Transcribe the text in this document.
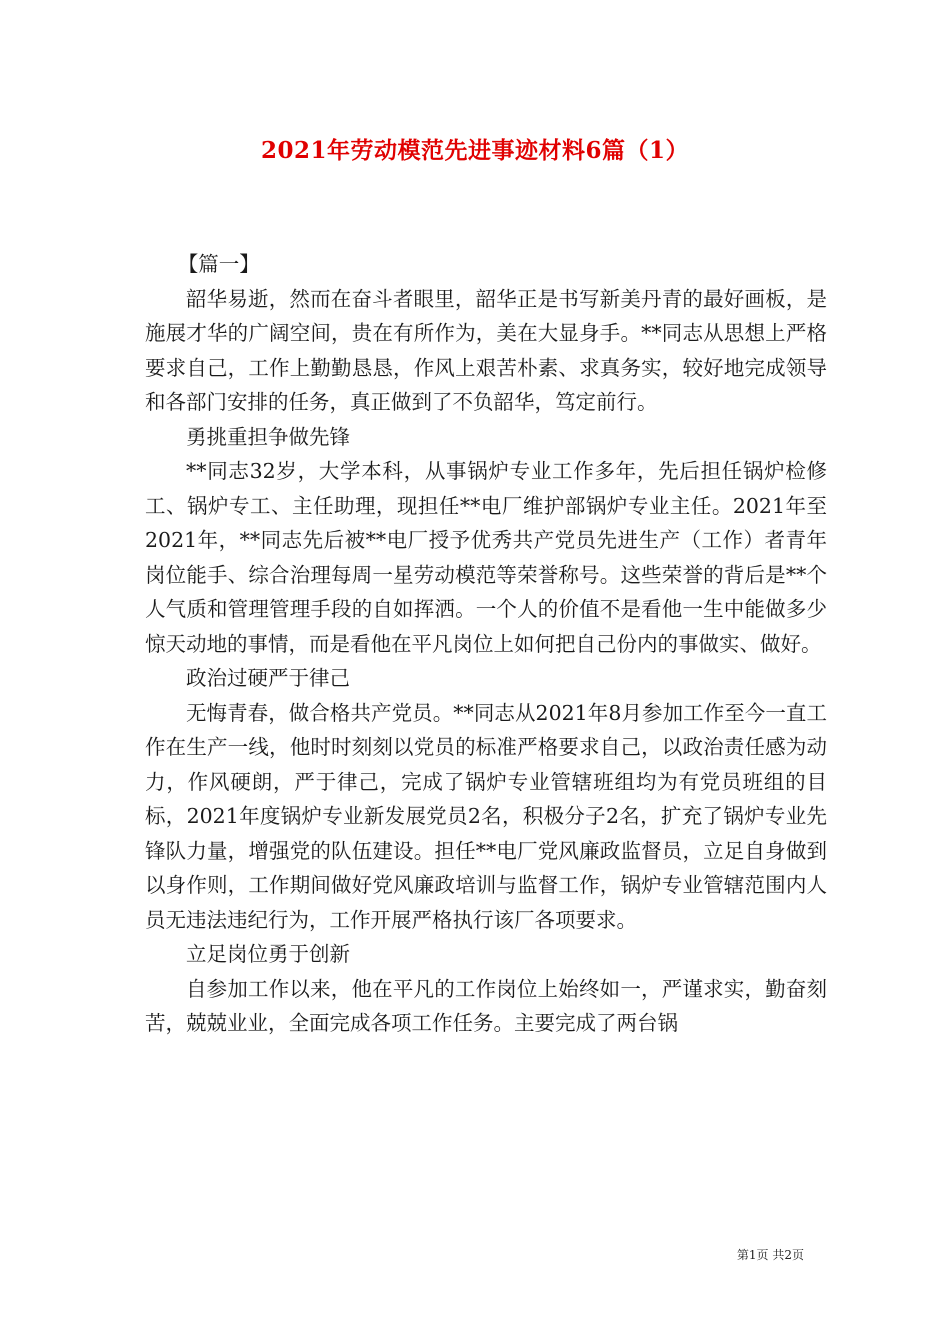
2021年劳动模范先进事迹材料6篇（1）

【篇一】

韶华易逝，然而在奋斗者眼里，韶华正是书写新美丹青的最好画板，是施展才华的广阔空间，贵在有所作为，美在大显身手。**同志从思想上严格要求自己，工作上勤勤恳恳，作风上艰苦朴素、求真务实，较好地完成领导和各部门安排的任务，真正做到了不负韶华，笃定前行。

勇挑重担争做先锋

**同志32岁，大学本科，从事锅炉专业工作多年，先后担任锅炉检修工、锅炉专工、主任助理，现担任**电厂维护部锅炉专业主任。2021年至2021年，**同志先后被**电厂授予优秀共产党员先进生产（工作）者青年岗位能手、综合治理每周一星劳动模范等荣誉称号。这些荣誉的背后是**个人气质和管理管理手段的自如挥洒。一个人的价值不是看他一生中能做多少惊天动地的事情，而是看他在平凡岗位上如何把自己份内的事做实、做好。

政治过硬严于律己

无悔青春，做合格共产党员。**同志从2021年8月参加工作至今一直工作在生产一线，他时时刻刻以党员的标准严格要求自己，以政治责任感为动力，作风硬朗，严于律己，完成了锅炉专业管辖班组均为有党员班组的目标，2021年度锅炉专业新发展党员2名，积极分子2名，扩充了锅炉专业先锋队力量，增强党的队伍建设。担任**电厂党风廉政监督员，立足自身做到以身作则，工作期间做好党风廉政培训与监督工作，锅炉专业管辖范围内人员无违法违纪行为，工作开展严格执行该厂各项要求。

立足岗位勇于创新

自参加工作以来，他在平凡的工作岗位上始终如一，严谨求实，勤奋刻苦，兢兢业业，全面完成各项工作任务。主要完成了两台锅

第1页 共2页
